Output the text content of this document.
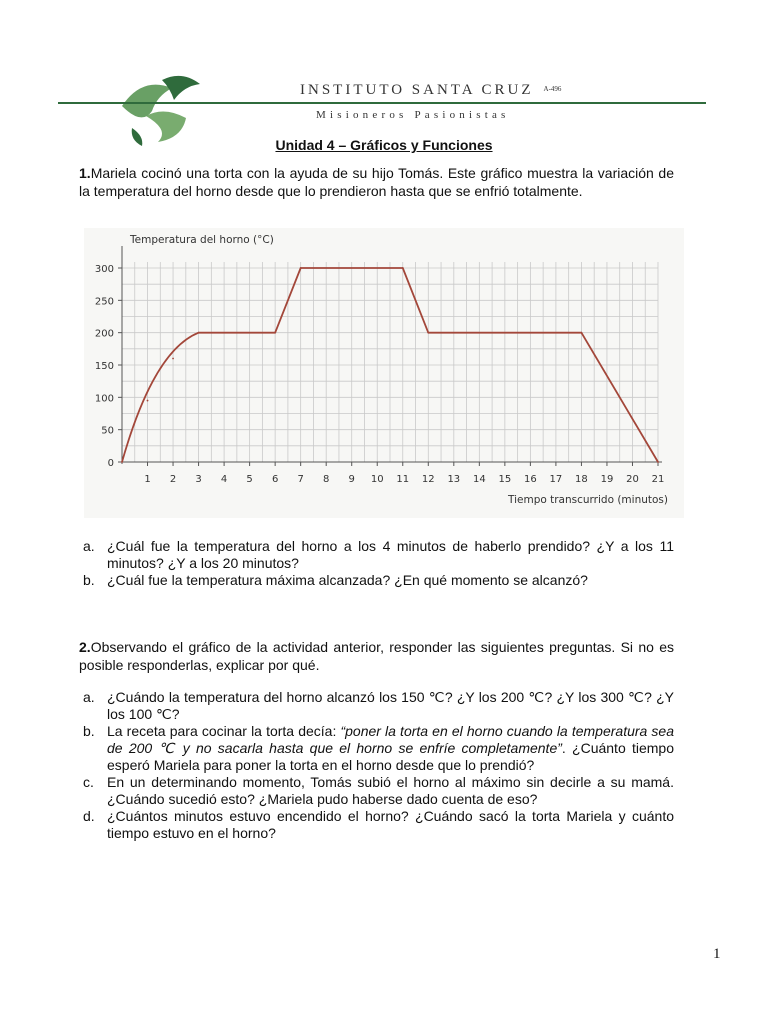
INSTITUTO SANTA CRUZ $^{A-496}$
Misioneros Pasionistas
Unidad 4 – Gráficos y Funciones
1.Mariela cocinó una torta con la ayuda de su hijo Tomás. Este gráfico muestra la variación de la temperatura del horno desde que lo prendieron hasta que se enfrió totalmente.
0
50
100
150
200
250
300
1 2 3 4 5 6 7 8 9 10 11 12 13 14 15 16 17 18 19 20 21
Temperatura del horno (°C)
Tiempo transcurrido (minutos)
a. ¿Cuál fue la temperatura del horno a los 4 minutos de haberlo prendido? ¿Y a los 11 minutos? ¿Y a los 20 minutos?
b. ¿Cuál fue la temperatura máxima alcanzada? ¿En qué momento se alcanzó?
2.Observando el gráfico de la actividad anterior, responder las siguientes preguntas. Si no es posible responderlas, explicar por qué.
a. ¿Cuándo la temperatura del horno alcanzó los 150 ℃? ¿Y los 200 ℃? ¿Y los 300 ℃? ¿Y los 100 ℃?
b. La receta para cocinar la torta decía: “poner la torta en el horno cuando la temperatura sea de 200 ℃ y no sacarla hasta que el horno se enfríe completamente”. ¿Cuánto tiempo esperó Mariela para poner la torta en el horno desde que lo prendió?
c. En un determinando momento, Tomás subió el horno al máximo sin decirle a su mamá. ¿Cuándo sucedió esto? ¿Mariela pudo haberse dado cuenta de eso?
d. ¿Cuántos minutos estuvo encendido el horno? ¿Cuándo sacó la torta Mariela y cuánto tiempo estuvo en el horno?
1
